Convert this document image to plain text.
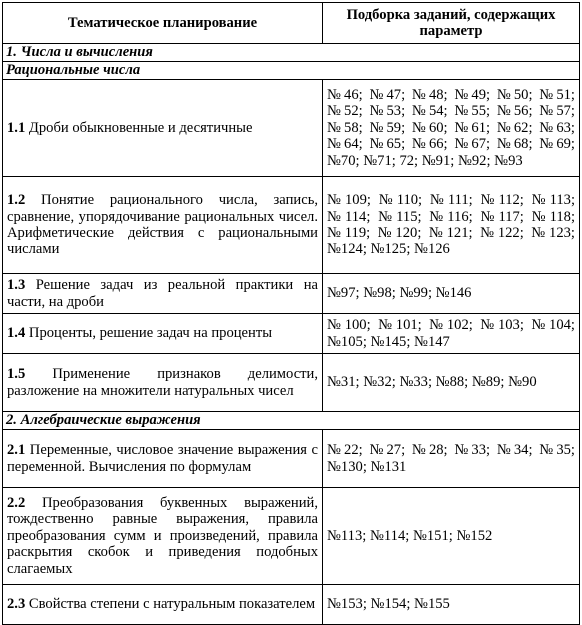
Тематическое планирование	Подборка заданий, содержащих параметр
1. Числа и вычисления	
Рациональные числа	
1.1 Дроби обыкновенные и десятичные	№46; №47; №48; №49; №50; №51; №52; №53; №54; №55; №56; №57; №58; №59; №60; №61; №62; №63; №64; №65; №66; №67; №68; №69; №70; №71; 72; №91; №92; №93
1.2 Понятие рационального числа, запись, сравнение, упорядочивание рациональных чисел. Арифметические действия с рациональными числами	№109; №110; №111; №112; №113; №114; №115; №116; №117; №118; №119; №120; №121; №122; №123; №124; №125; №126
1.3 Решение задач из реальной практики на части, на дроби	№97; №98; №99; №146
1.4 Проценты, решение задач на проценты	№100; №101; №102; №103; №104; №105; №145; №147
1.5 Применение признаков делимости, разложение на множители натуральных чисел	№31; №32; №33; №88; №89; №90
2. Алгебраические выражения	
2.1 Переменные, числовое значение выражения с переменной. Вычисления по формулам	№22; №27; №28; №33; №34; №35; №130; №131
2.2 Преобразования буквенных выражений, тождественно равные выражения, правила преобразования сумм и произведений, правила раскрытия скобок и приведения подобных слагаемых	№113; №114; №151; №152
2.3 Свойства степени с натуральным показателем	№153; №154; №155
